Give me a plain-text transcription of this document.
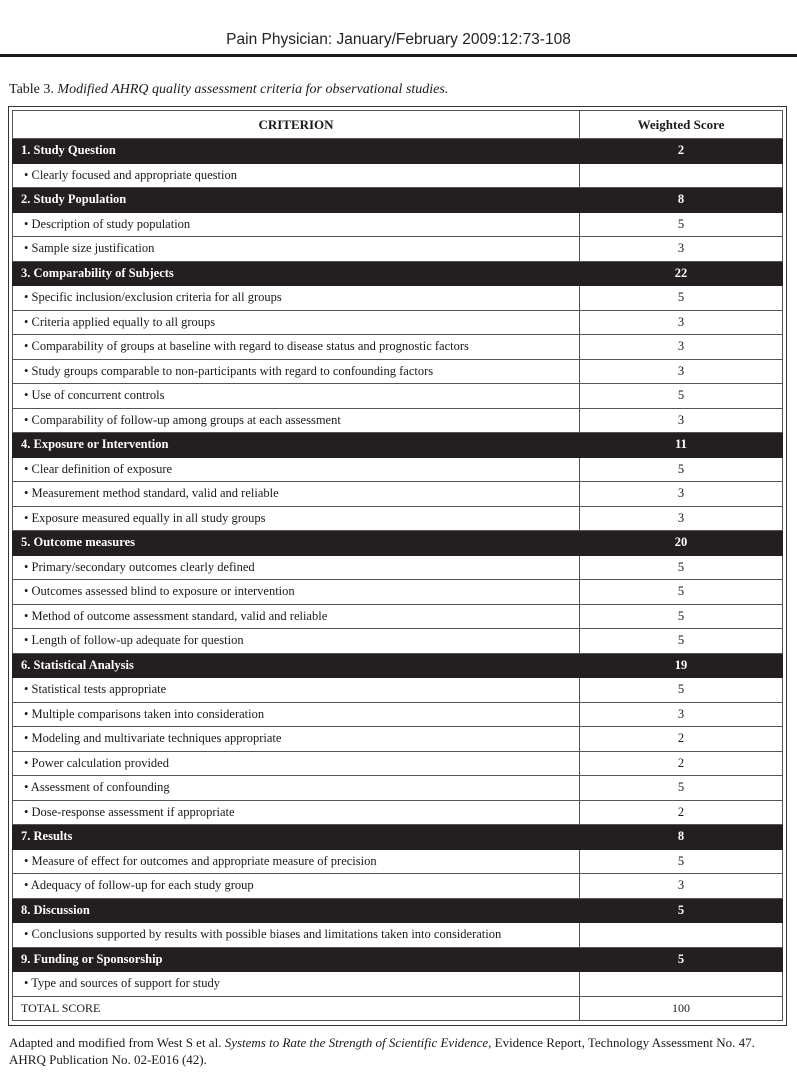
Pain Physician: January/February 2009:12:73-108
Table 3. Modified AHRQ quality assessment criteria for observational studies.
CRITERION	Weighted Score
1. Study Question	2
• Clearly focused and appropriate question	
2. Study Population	8
• Description of study population	5
• Sample size justification	3
3. Comparability of Subjects	22
• Specific inclusion/exclusion criteria for all groups	5
• Criteria applied equally to all groups	3
• Comparability of groups at baseline with regard to disease status and prognostic factors	3
• Study groups comparable to non-participants with regard to confounding factors	3
• Use of concurrent controls	5
• Comparability of follow-up among groups at each assessment	3
4. Exposure or Intervention	11
• Clear definition of exposure	5
• Measurement method standard, valid and reliable	3
• Exposure measured equally in all study groups	3
5. Outcome measures	20
• Primary/secondary outcomes clearly defined	5
• Outcomes assessed blind to exposure or intervention	5
• Method of outcome assessment standard, valid and reliable	5
• Length of follow-up adequate for question	5
6. Statistical Analysis	19
• Statistical tests appropriate	5
• Multiple comparisons taken into consideration	3
• Modeling and multivariate techniques appropriate	2
• Power calculation provided	2
• Assessment of confounding	5
• Dose-response assessment if appropriate	2
7. Results	8
• Measure of effect for outcomes and appropriate measure of precision	5
• Adequacy of follow-up for each study group	3
8. Discussion	5
• Conclusions supported by results with possible biases and limitations taken into consideration	
9. Funding or Sponsorship	5
• Type and sources of support for study	
TOTAL SCORE	100
Adapted and modified from West S et al. Systems to Rate the Strength of Scientific Evidence, Evidence Report, Technology Assessment No. 47.
AHRQ Publication No. 02-E016 (42).
